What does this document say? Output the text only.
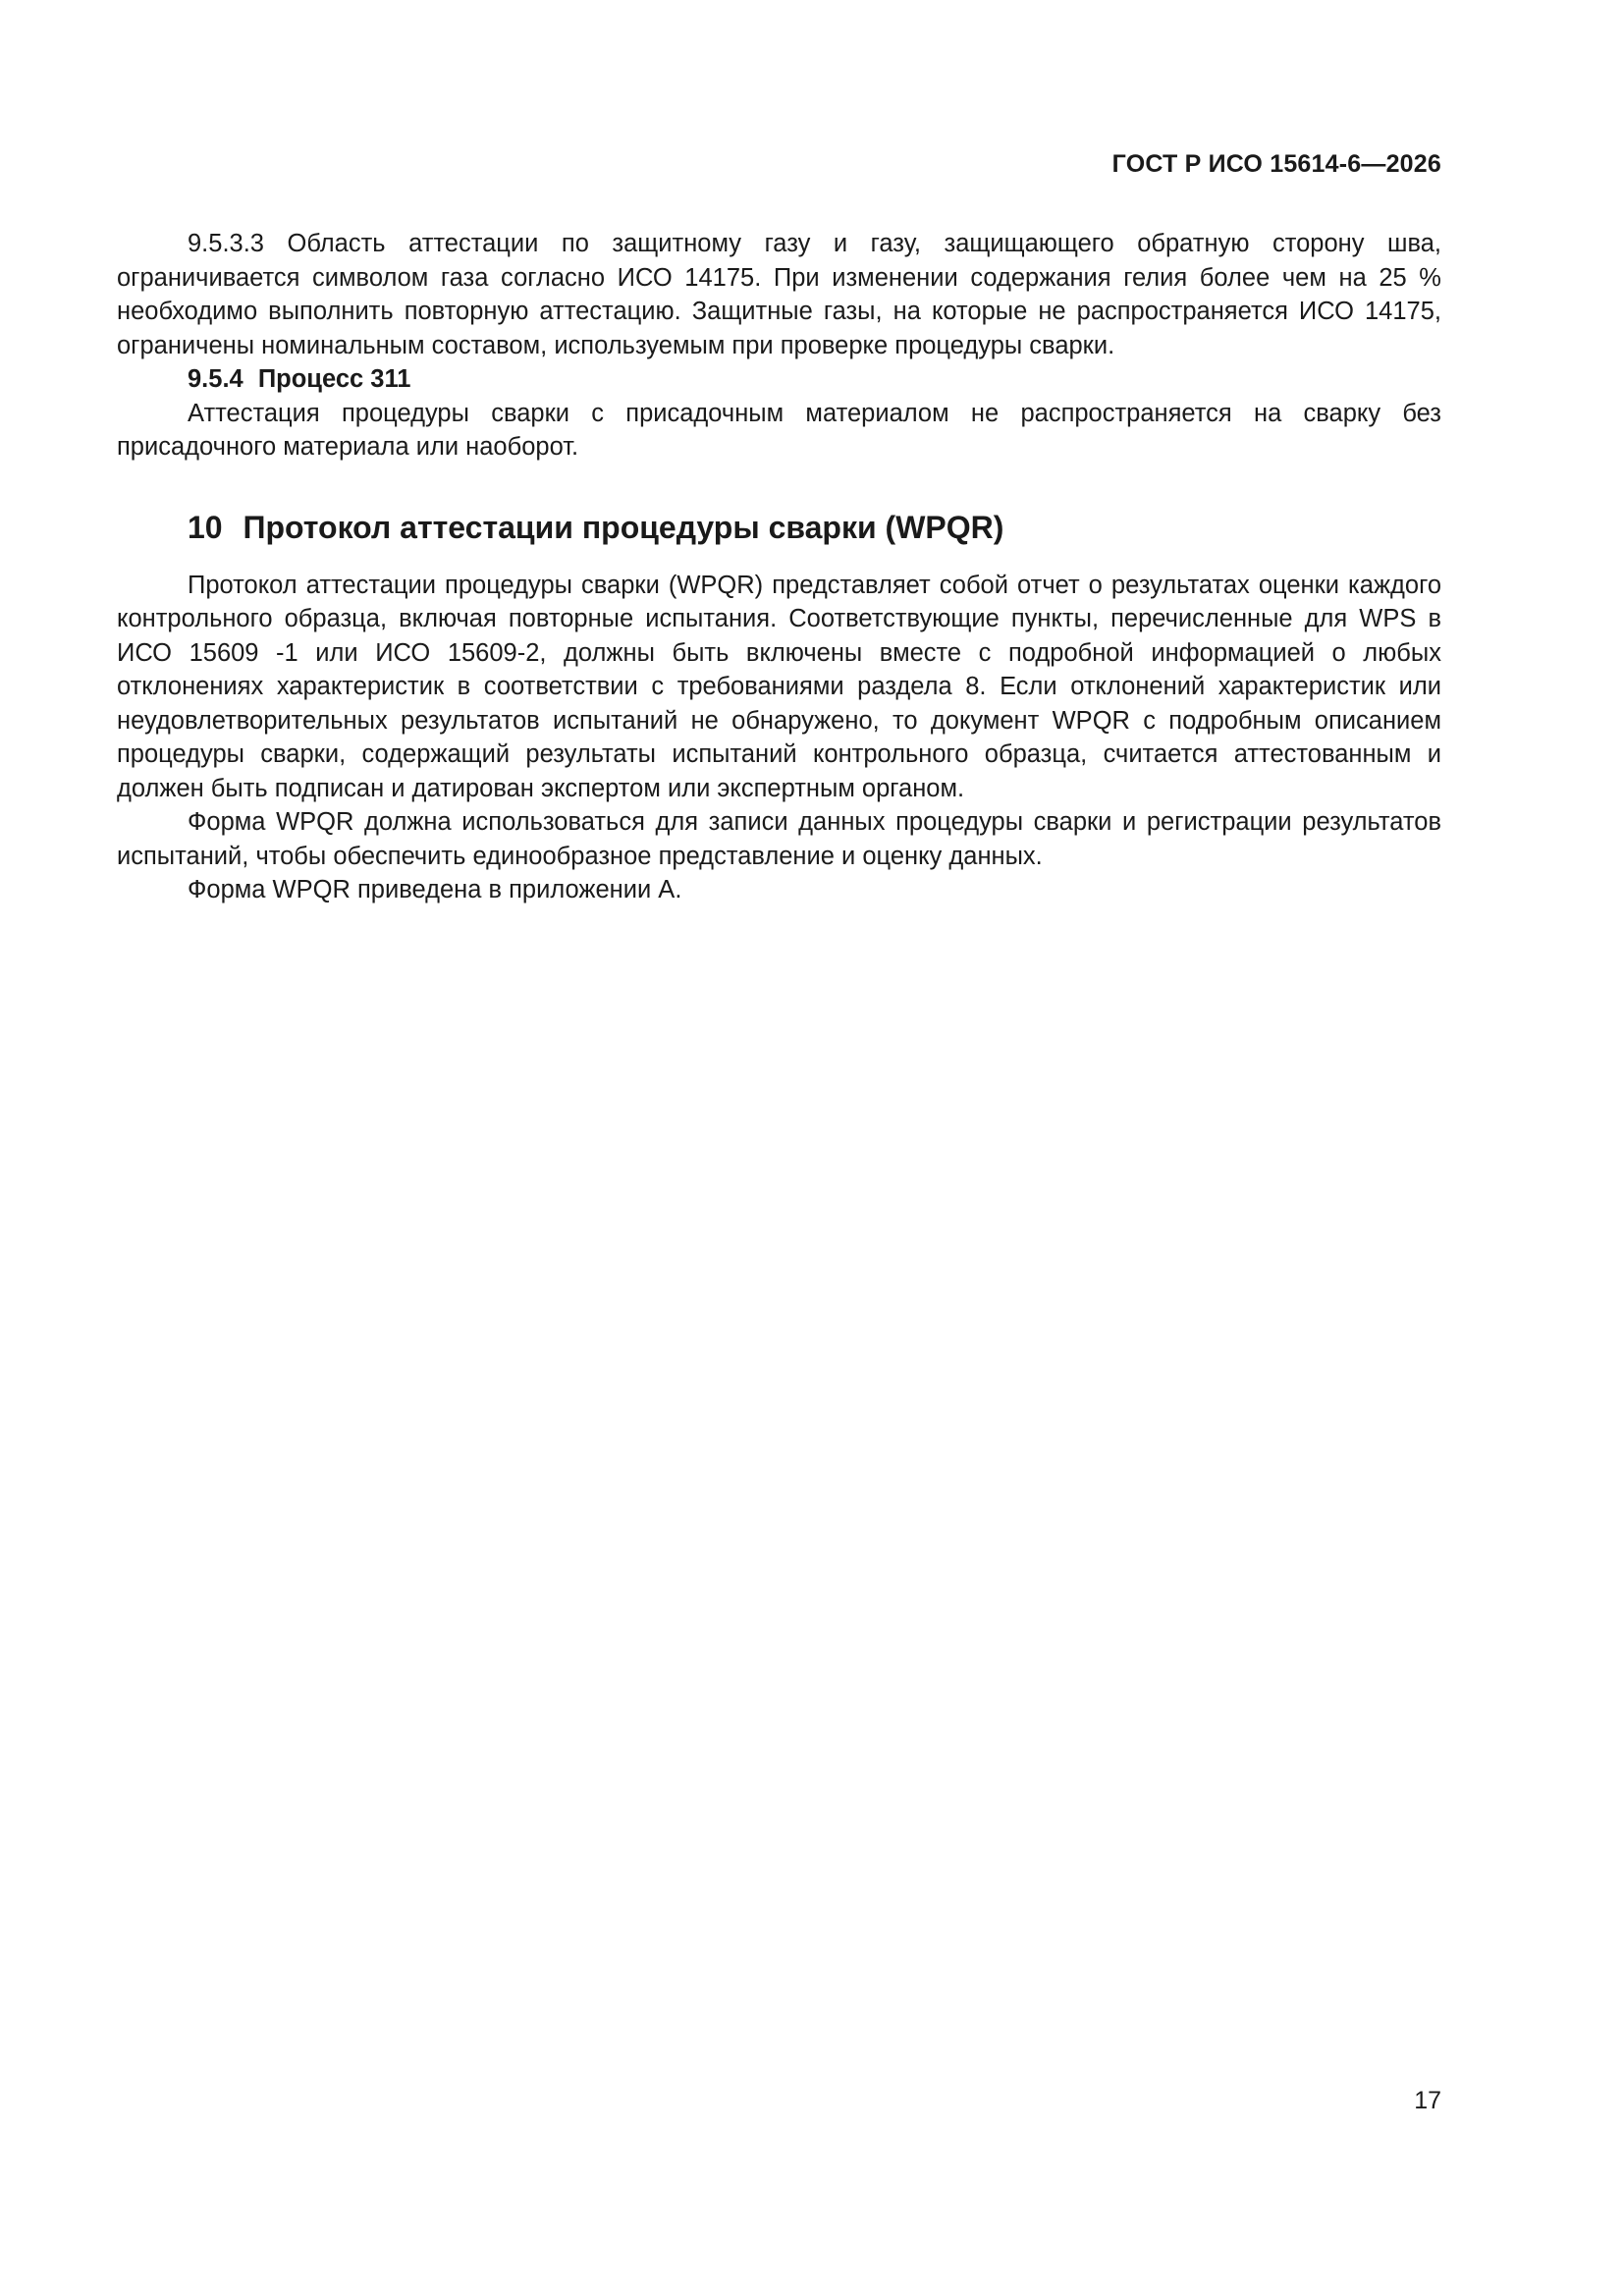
ГОСТ Р ИСО 15614-6—2026

9.5.3.3 Область аттестации по защитному газу и газу, защищающего обратную сторону шва, ограничивается символом газа согласно ИСО 14175. При изменении содержания гелия более чем на 25 % необходимо выполнить повторную аттестацию. Защитные газы, на которые не распространяется ИСО 14175, ограничены номинальным составом, используемым при проверке процедуры сварки.

9.5.4 Процесс 311

Аттестация процедуры сварки с присадочным материалом не распространяется на сварку без присадочного материала или наоборот.

10 Протокол аттестации процедуры сварки (WPQR)

Протокол аттестации процедуры сварки (WPQR) представляет собой отчет о результатах оценки каждого контрольного образца, включая повторные испытания. Соответствующие пункты, перечисленные для WPS в ИСО 15609 -1 или ИСО 15609-2, должны быть включены вместе с подробной информацией о любых отклонениях характеристик в соответствии с требованиями раздела 8. Если отклонений характеристик или неудовлетворительных результатов испытаний не обнаружено, то документ WPQR с подробным описанием процедуры сварки, содержащий результаты испытаний контрольного образца, считается аттестованным и должен быть подписан и датирован экспертом или экспертным органом.

Форма WPQR должна использоваться для записи данных процедуры сварки и регистрации результатов испытаний, чтобы обеспечить единообразное представление и оценку данных.

Форма WPQR приведена в приложении А.

17
